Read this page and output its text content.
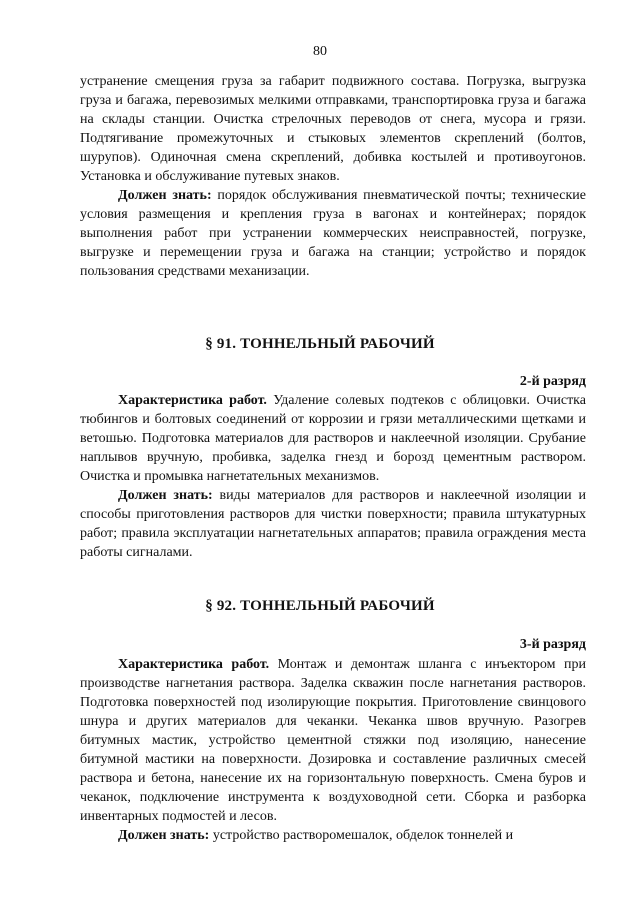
80

устранение смещения груза за габарит подвижного состава. Погрузка, выгрузка груза и багажа, перевозимых мелкими отправками, транспортировка груза и багажа на склады станции. Очистка стрелочных переводов от снега, мусора и грязи. Подтягивание промежуточных и стыковых элементов скреплений (болтов, шурупов). Одиночная смена скреплений, добивка костылей и противоугонов. Установка и обслуживание путевых знаков.

Должен знать: порядок обслуживания пневматической почты; технические условия размещения и крепления груза в вагонах и контейнерах; порядок выполнения работ при устранении коммерческих неисправностей, погрузке, выгрузке и перемещении груза и багажа на станции; устройство и порядок пользования средствами механизации.

§ 91. ТОННЕЛЬНЫЙ РАБОЧИЙ
2-й разряд

Характеристика работ. Удаление солевых подтеков с облицовки. Очистка тюбингов и болтовых соединений от коррозии и грязи металлическими щетками и ветошью. Подготовка материалов для растворов и наклеечной изоляции. Срубание наплывов вручную, пробивка, заделка гнезд и борозд цементным раствором. Очистка и промывка нагнетательных механизмов.

Должен знать: виды материалов для растворов и наклеечной изоляции и способы приготовления растворов для чистки поверхности; правила штукатурных работ; правила эксплуатации нагнетательных аппаратов; правила ограждения места работы сигналами.

§ 92. ТОННЕЛЬНЫЙ РАБОЧИЙ
3-й разряд

Характеристика работ. Монтаж и демонтаж шланга с инъектором при производстве нагнетания раствора. Заделка скважин после нагнетания растворов. Подготовка поверхностей под изолирующие покрытия. Приготовление свинцового шнура и других материалов для чеканки. Чеканка швов вручную. Разогрев битумных мастик, устройство цементной стяжки под изоляцию, нанесение битумной мастики на поверхности. Дозировка и составление различных смесей раствора и бетона, нанесение их на горизонтальную поверхность. Смена буров и чеканок, подключение инструмента к воздуховодной сети. Сборка и разборка инвентарных подмостей и лесов.

Должен знать: устройство растворомешалок, обделок тоннелей и
